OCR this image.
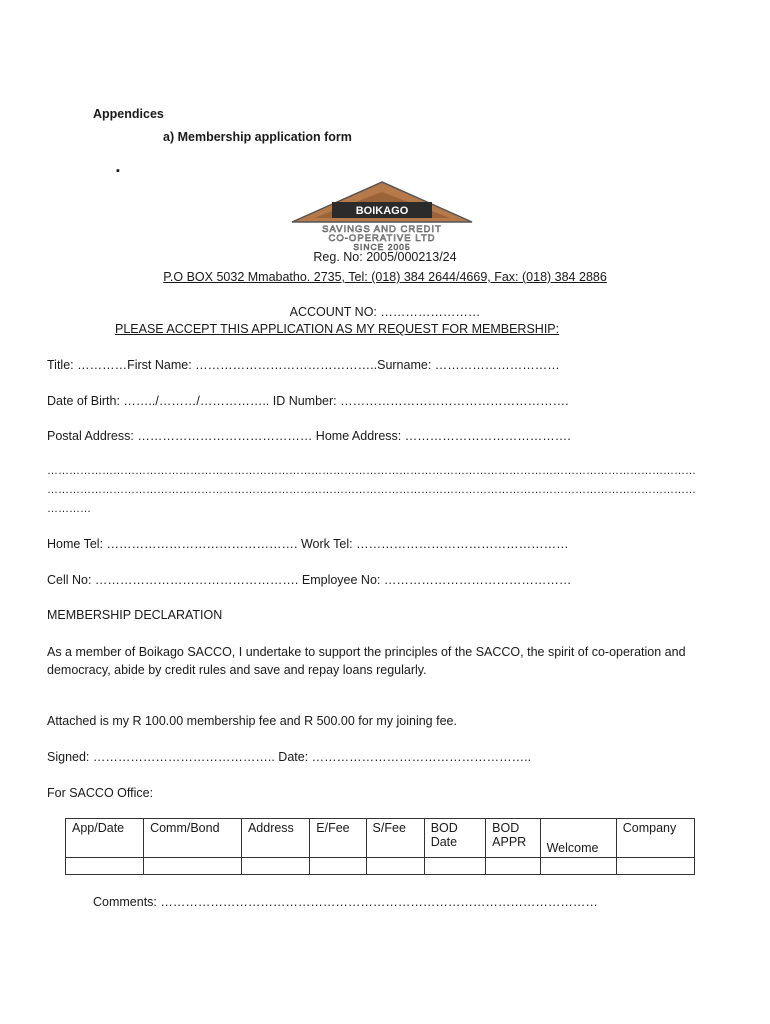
Appendices
a) Membership application form
▪
BOIKAGO
SAVINGS AND CREDIT
CO-OPERATIVE LTD
SINCE 2005
Reg. No: 2005/000213/24
P.O BOX 5032 Mmabatho. 2735, Tel: (018) 384 2644/4669, Fax: (018) 384 2886
ACCOUNT NO: ……………………
PLEASE ACCEPT THIS APPLICATION AS MY REQUEST FOR MEMBERSHIP:
Title: …………First Name: ……………………………………..Surname: …………………………
Date of Birth: ……../………/…………….. ID Number: ……………………………………………….
Postal Address: …………………………………… Home Address: ………………………………….
……………………………………………………………………………………………………………………………………………………………
……………………………………………………………………………………………………………………………………………………………
…………
Home Tel: ………………………………………. Work Tel: ……………………………………………
Cell No: …………………………………………. Employee No: ………………………………………
MEMBERSHIP DECLARATION
As a member of Boikago SACCO, I undertake to support the principles of the SACCO, the spirit of co-operation and democracy, abide by credit rules and save and repay loans regularly.
Attached is my R 100.00 membership fee and R 500.00 for my joining fee.
Signed: …………………………………….. Date: ……………………………………………..
For SACCO Office:
App/Date	Comm/Bond	Address	E/Fee	S/Fee	BOD Date	BOD APPR	Welcome	Company

Comments: ……………………………………………………………………………………………
